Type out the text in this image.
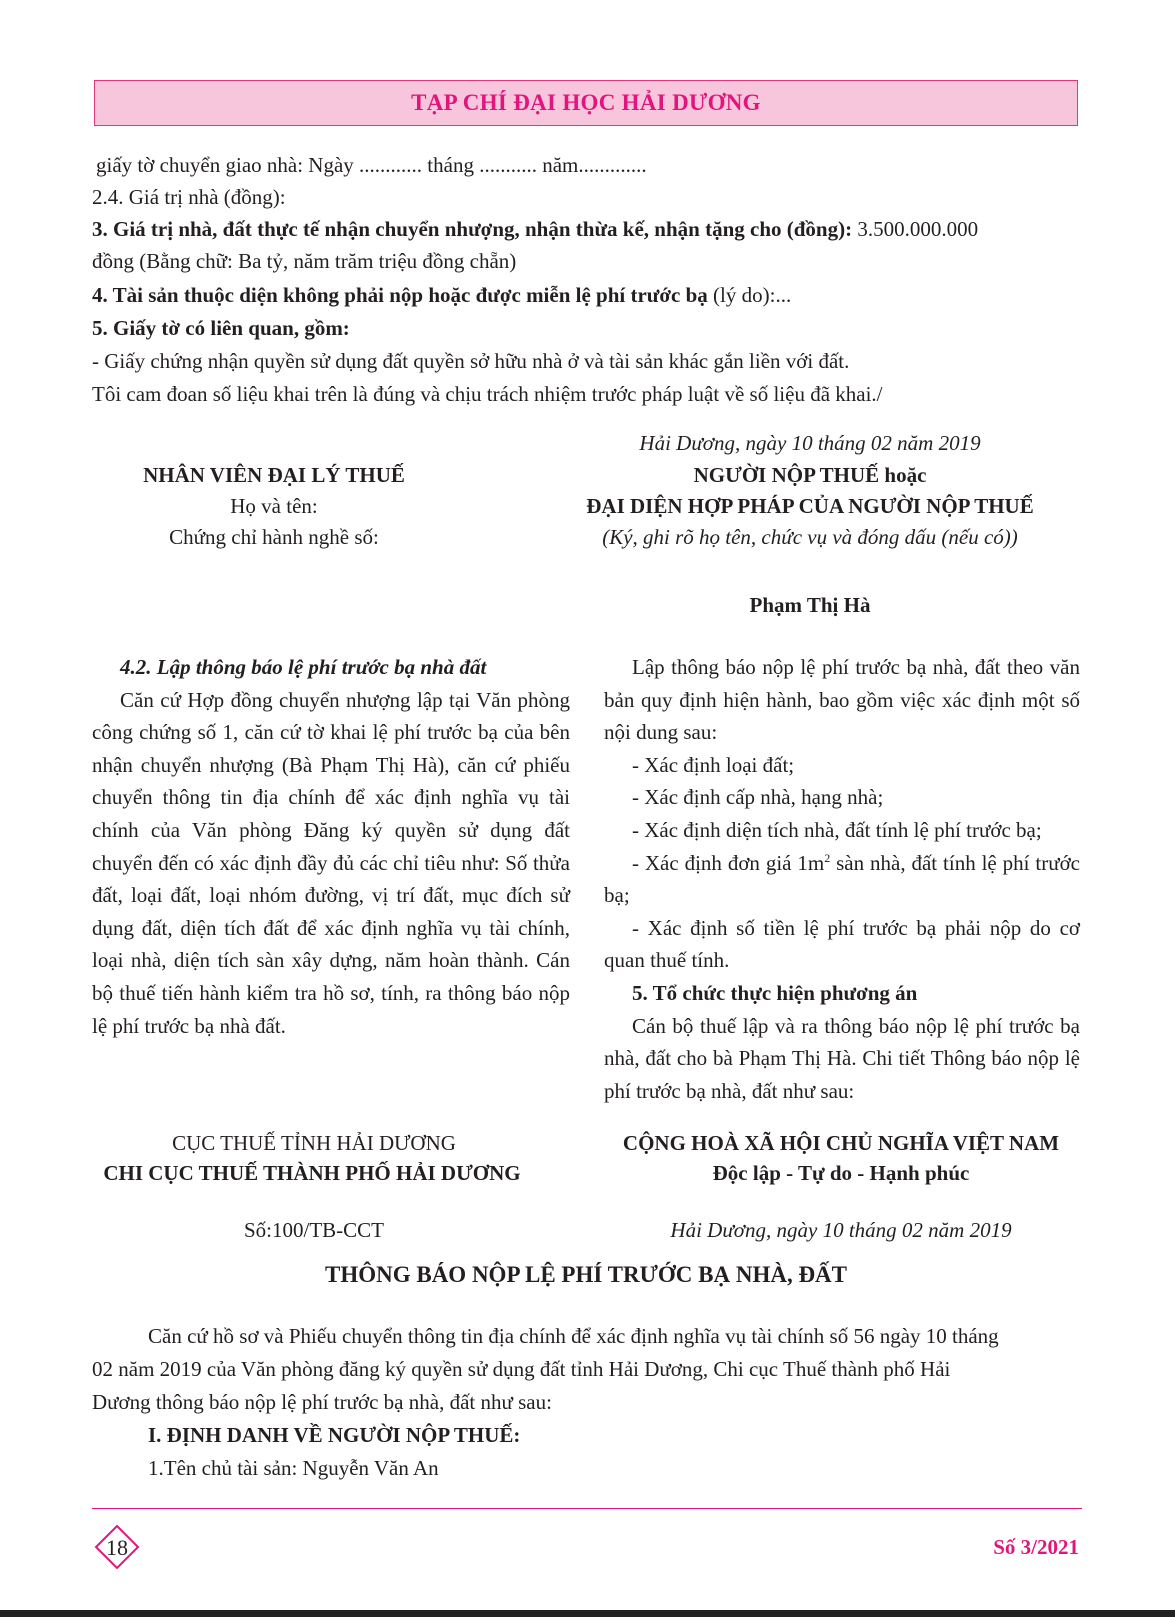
TẠP CHÍ ĐẠI HỌC HẢI DƯƠNG
giấy tờ chuyển giao nhà: Ngày ............ tháng ........... năm.............
2.4. Giá trị nhà (đồng):
3. Giá trị nhà, đất thực tế nhận chuyển nhượng, nhận thừa kế, nhận tặng cho (đồng): 3.500.000.000
đồng (Bằng chữ: Ba tỷ, năm trăm triệu đồng chẵn)
4. Tài sản thuộc diện không phải nộp hoặc được miễn lệ phí trước bạ (lý do):...
5. Giấy tờ có liên quan, gồm:
- Giấy chứng nhận quyền sử dụng đất quyền sở hữu nhà ở và tài sản khác gắn liền với đất.
Tôi cam đoan số liệu khai trên là đúng và chịu trách nhiệm trước pháp luật về số liệu đã khai./
Hải Dương, ngày 10 tháng 02 năm 2019
NGƯỜI NỘP THUẾ hoặc
ĐẠI DIỆN HỢP PHÁP CỦA NGƯỜI NỘP THUẾ
(Ký, ghi rõ họ tên, chức vụ và đóng dấu (nếu có))
Phạm Thị Hà
NHÂN VIÊN ĐẠI LÝ THUẾ
Họ và tên:
Chứng chỉ hành nghề số:

4.2. Lập thông báo lệ phí trước bạ nhà đất

Căn cứ Hợp đồng chuyển nhượng lập tại Văn phòng công chứng số 1, căn cứ tờ khai lệ phí trước bạ của bên nhận chuyển nhượng (Bà Phạm Thị Hà), căn cứ phiếu chuyển thông tin địa chính để xác định nghĩa vụ tài chính của Văn phòng Đăng ký quyền sử dụng đất chuyển đến có xác định đầy đủ các chỉ tiêu như: Số thửa đất, loại đất, loại nhóm đường, vị trí đất, mục đích sử dụng đất, diện tích đất để xác định nghĩa vụ tài chính, loại nhà, diện tích sàn xây dựng, năm hoàn thành. Cán bộ thuế tiến hành kiểm tra hồ sơ, tính, ra thông báo nộp lệ phí trước bạ nhà đất.

Lập thông báo nộp lệ phí trước bạ nhà, đất theo văn bản quy định hiện hành, bao gồm việc xác định một số nội dung sau:

- Xác định loại đất;

- Xác định cấp nhà, hạng nhà;

- Xác định diện tích nhà, đất tính lệ phí trước bạ;

- Xác định đơn giá $1m^2$ sàn nhà, đất tính lệ phí trước bạ;

- Xác định số tiền lệ phí trước bạ phải nộp do cơ quan thuế tính.

5. Tổ chức thực hiện phương án

Cán bộ thuế lập và ra thông báo nộp lệ phí trước bạ nhà, đất cho bà Phạm Thị Hà. Chi tiết Thông báo nộp lệ phí trước bạ nhà, đất như sau:

CỤC THUẾ TỈNH HẢI DƯƠNG
CHI CỤC THUẾ THÀNH PHỐ HẢI DƯƠNG
CỘNG HOÀ XÃ HỘI CHỦ NGHĨA VIỆT NAM
Độc lập - Tự do - Hạnh phúc
Số:100/TB-CCT	Hải Dương, ngày 10 tháng 02 năm 2019
THÔNG BÁO NỘP LỆ PHÍ TRƯỚC BẠ NHÀ, ĐẤT
Căn cứ hồ sơ và Phiếu chuyển thông tin địa chính để xác định nghĩa vụ tài chính số 56 ngày 10 tháng
02 năm 2019 của Văn phòng đăng ký quyền sử dụng đất tỉnh Hải Dương, Chi cục Thuế thành phố Hải
Dương thông báo nộp lệ phí trước bạ nhà, đất như sau:
I. ĐỊNH DANH VỀ NGƯỜI NỘP THUẾ:
1.Tên chủ tài sản: Nguyễn Văn An
18	Số 3/2021
